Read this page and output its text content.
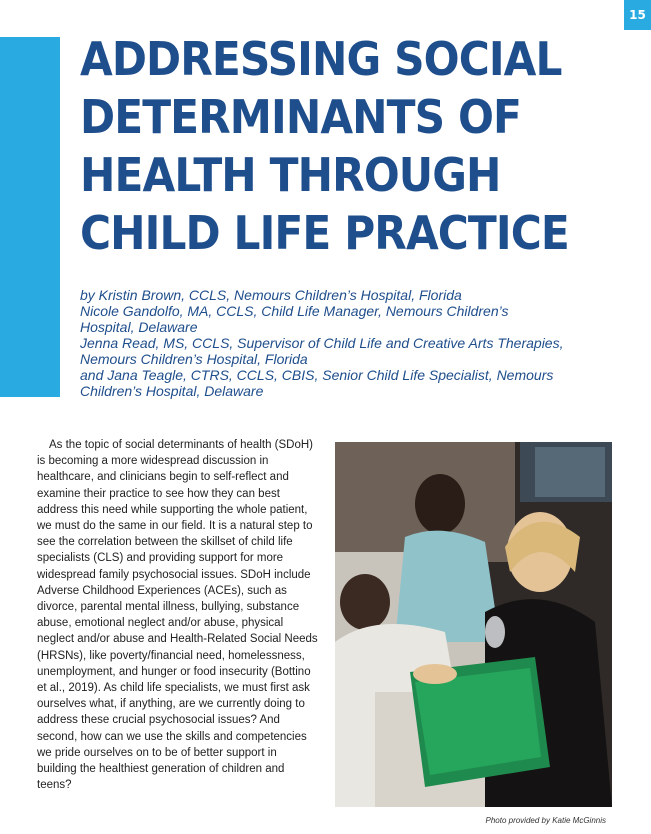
15
ADDRESSING SOCIAL
DETERMINANTS OF
HEALTH THROUGH
CHILD LIFE PRACTICE
by Kristin Brown, CCLS, Nemours Children’s Hospital, Florida
Nicole Gandolfo, MA, CCLS, Child Life Manager, Nemours Children’s
Hospital, Delaware
Jenna Read, MS, CCLS, Supervisor of Child Life and Creative Arts Therapies,
Nemours Children’s Hospital, Florida
and Jana Teagle, CTRS, CCLS, CBIS, Senior Child Life Specialist, Nemours
Children’s Hospital, Delaware

As the topic of social determinants of health (SDoH) is becoming a more widespread discussion in healthcare, and clinicians begin to self-reflect and examine their practice to see how they can best address this need while supporting the whole patient, we must do the same in our field. It is a natural step to see the correlation between the skillset of child life specialists (CLS) and providing support for more widespread family psychosocial issues. SDoH include Adverse Childhood Experiences (ACEs), such as divorce, parental mental illness, bullying, substance abuse, emotional neglect and/or abuse, physical neglect and/or abuse and Health-Related Social Needs (HRSNs), like poverty/financial need, homelessness, unemployment, and hunger or food insecurity (Bottino et al., 2019). As child life specialists, we must first ask ourselves what, if anything, are we currently doing to address these crucial psychosocial issues? And second, how can we use the skills and competencies we pride ourselves on to be of better support in building the healthiest generation of children and teens?

Photo provided by Katie McGinnis
